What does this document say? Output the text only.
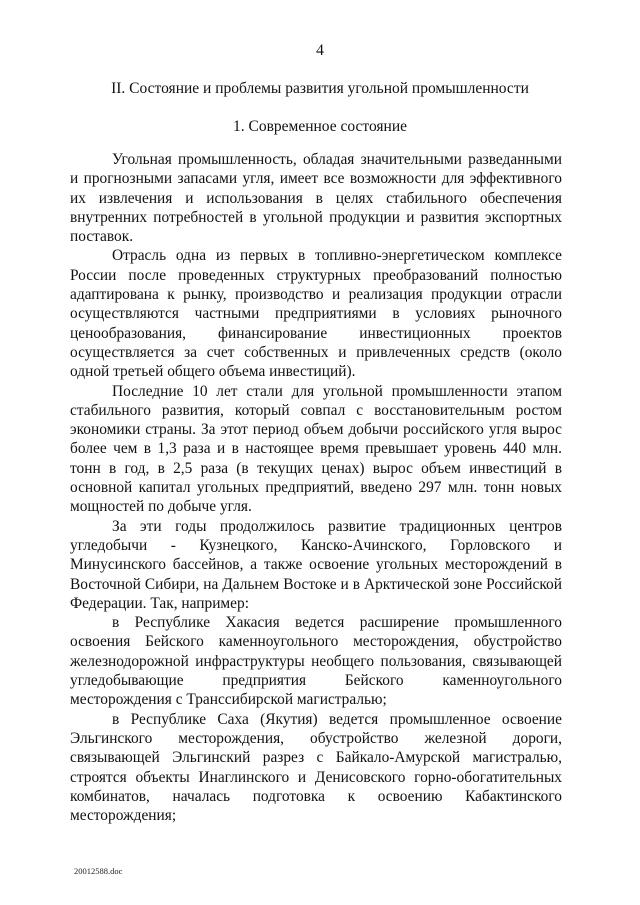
4
II. Состояние и проблемы развития угольной промышленности
1. Современное состояние

Угольная промышленность, обладая значительными разведанными и прогнозными запасами угля, имеет все возможности для эффективного их извлечения и использования в целях стабильного обеспечения внутренних потребностей в угольной продукции и развития экспортных поставок.

Отрасль одна из первых в топливно-энергетическом комплексе России после проведенных структурных преобразований полностью адаптирована к рынку, производство и реализация продукции отрасли осуществляются частными предприятиями в условиях рыночного ценообразования, финансирование инвестиционных проектов осуществляется за счет собственных и привлеченных средств (около одной третьей общего объема инвестиций).

Последние 10 лет стали для угольной промышленности этапом стабильного развития, который совпал с восстановительным ростом экономики страны. За этот период объем добычи российского угля вырос более чем в 1,3 раза и в настоящее время превышает уровень 440 млн. тонн в год, в 2,5 раза (в текущих ценах) вырос объем инвестиций в основной капитал угольных предприятий, введено 297 млн. тонн новых мощностей по добыче угля.

За эти годы продолжилось развитие традиционных центров угледобычи - Кузнецкого, Канско-Ачинского, Горловского и Минусинского бассейнов, а также освоение угольных месторождений в Восточной Сибири, на Дальнем Востоке и в Арктической зоне Российской Федерации. Так, например:

в Республике Хакасия ведется расширение промышленного освоения Бейского каменноугольного месторождения, обустройство железнодорожной инфраструктуры необщего пользования, связывающей угледобывающие предприятия Бейского каменноугольного месторождения с Транссибирской магистралью;

в Республике Саха (Якутия) ведется промышленное освоение Эльгинского месторождения, обустройство железной дороги, связывающей Эльгинский разрез с Байкало-Амурской магистралью, строятся объекты Инаглинского и Денисовского горно-обогатительных комбинатов, началась подготовка к освоению Кабактинского месторождения;

20012588.doc
